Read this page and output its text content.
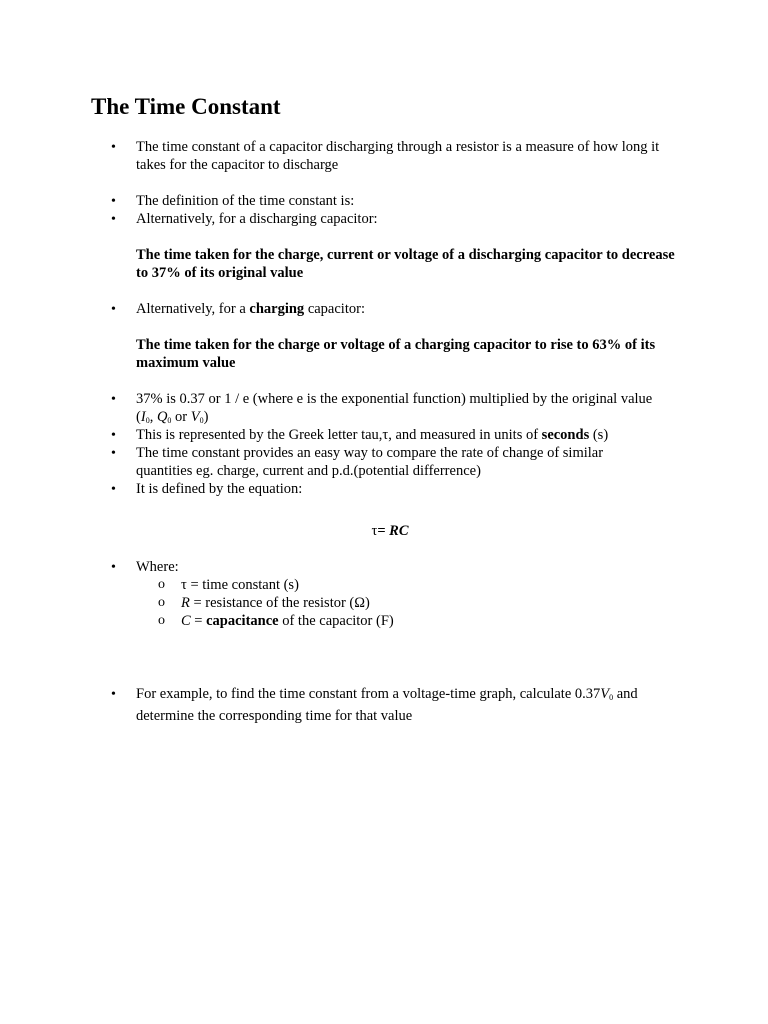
The Time Constant
• The time constant of a capacitor discharging through a resistor is a measure of how long it takes for the capacitor to discharge
• The definition of the time constant is:
• Alternatively, for a discharging capacitor:
The time taken for the charge, current or voltage of a discharging capacitor to decrease to 37% of its original value
• Alternatively, for a charging capacitor:
The time taken for the charge or voltage of a charging capacitor to rise to 63% of its maximum value
• 37% is 0.37 or 1 / e (where e is the exponential function) multiplied by the original value
($I_0$, $Q_0$ or $V_0$)
• This is represented by the Greek letter tau,τ, and measured in units of seconds (s)
• The time constant provides an easy way to compare the rate of change of similar quantities eg. charge, current and p.d.(potential differrence)
• It is defined by the equation:
τ= RC
• Where:
o τ = time constant (s)
o R = resistance of the resistor (Ω)
o C = capacitance of the capacitor (F)
• For example, to find the time constant from a voltage-time graph, calculate $0.37V_0$ and
determine the corresponding time for that value
